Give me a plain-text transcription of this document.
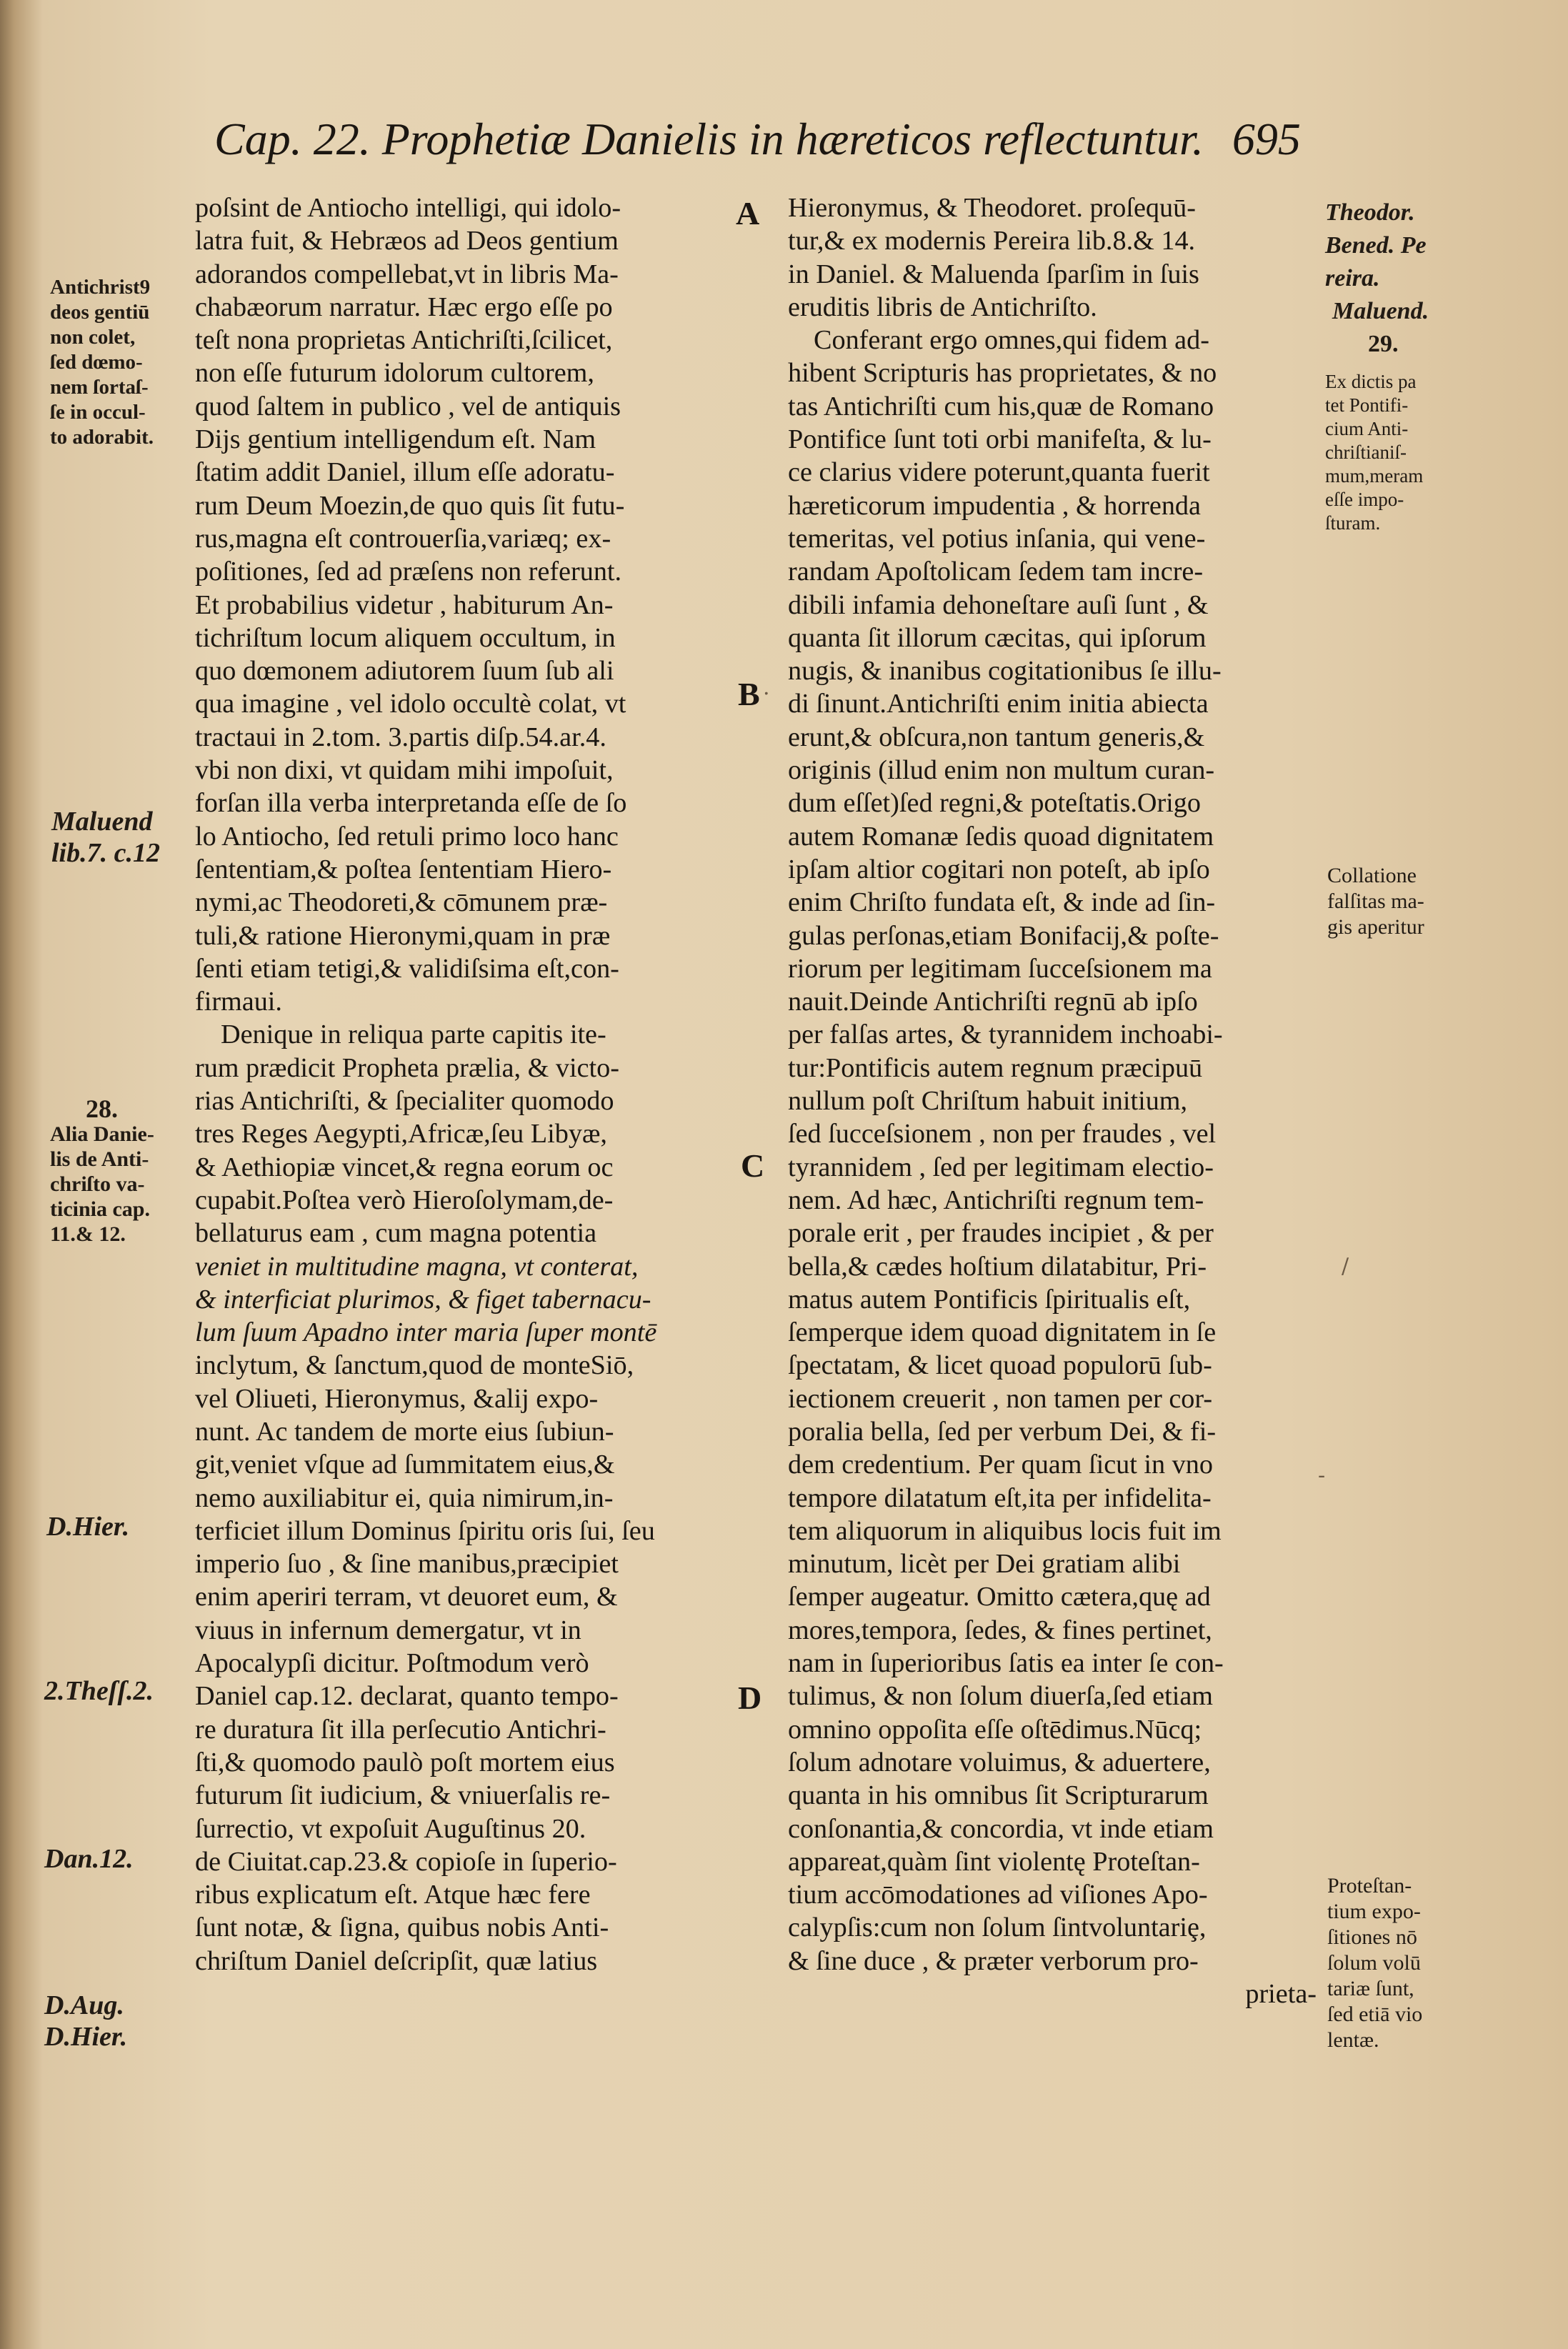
Cap. 22. Prophetiæ Danielis in hæreticos reflectuntur. 695
A
B
C
D
.
/
-
Antichrist9
deos gentiū
non colet,
ſed dœmo-
nem ſortaſ-
ſe in occul-
to adorabit.
Maluend
lib.7. c.12
28.
Alia Danie-
lis de Anti-
chriſto va-
ticinia cap.
11.& 12.
D.Hier.
2.Theſſ.2.
Dan.12.
D.Aug.
D.Hier.
Theodor.
Bened. Pe
reira.
Maluend.
29.
Ex dictis pa
tet Pontifi-
cium Anti-
chriſtianiſ-
mum,meram
eſſe impo-
ſturam.
Collatione
falſitas ma-
gis aperitur
Proteſtan-
tium expo-
ſitiones nō
ſolum volū
tariæ ſunt,
ſed etiā vio
lentæ.
poſsint de Antiocho intelligi, qui idolo-
latra fuit, & Hebræos ad Deos gentium
adorandos compellebat,vt in libris Ma-
chabæorum narratur. Hæc ergo eſſe po
teſt nona proprietas Antichriſti,ſcilicet,
non eſſe futurum idolorum cultorem,
quod ſaltem in publico , vel de antiquis
Dijs gentium intelligendum eſt. Nam
ſtatim addit Daniel, illum eſſe adoratu-
rum Deum Moezin,de quo quis ſit futu-
rus,magna eſt controuerſia,variæq; ex-
poſitiones, ſed ad præſens non referunt.
Et probabilius videtur , habiturum An-
tichriſtum locum aliquem occultum, in
quo dœmonem adiutorem ſuum ſub ali
qua imagine , vel idolo occultè colat, vt
tractaui in 2.tom. 3.partis diſp.54.ar.4.
vbi non dixi, vt quidam mihi impoſuit,
forſan illa verba interpretanda eſſe de ſo
lo Antiocho, ſed retuli primo loco hanc
ſententiam,& poſtea ſententiam Hiero-
nymi,ac Theodoreti,& cōmunem præ-
tuli,& ratione Hieronymi,quam in præ
ſenti etiam tetigi,& validiſsima eſt,con-
firmaui.
Denique in reliqua parte capitis ite-
rum prædicit Propheta prælia, & victo-
rias Antichriſti, & ſpecialiter quomodo
tres Reges Aegypti,Africæ,ſeu Libyæ,
& Aethiopiæ vincet,& regna eorum oc
cupabit.Poſtea verò Hieroſolymam,de-
bellaturus eam , cum magna potentia
veniet in multitudine magna, vt conterat,
& interficiat plurimos, & figet tabernacu-
lum ſuum Apadno inter maria ſuper montē
inclytum, & ſanctum,quod de monteSiō,
vel Olіueti, Hieronymus, &alij expo-
nunt. Ac tandem de morte eius ſubiun-
git,veniet vſque ad ſummitatem eius,&
nemo auxiliabitur ei, quia nimirum,in-
terficiet illum Dominus ſpiritu oris ſui, ſeu
imperio ſuo , & ſine manibus,præcipiet
enim aperiri terram, vt deuoret eum, &
viuus in infernum demergatur, vt in
Apocalypſi dicitur. Poſtmodum verò
Daniel cap.12. declarat, quanto tempo-
re duratura ſit illa perſecutio Antichri-
ſti,& quomodo paulò poſt mortem eius
futurum ſit iudicium, & vniuerſalis re-
ſurrectio, vt expoſuit Auguſtinus 20.
de Ciuitat.cap.23.& copioſe in ſuperio-
ribus explicatum eſt. Atque hæc fere
ſunt notæ, & ſigna, quibus nobis Anti-
chriſtum Daniel deſcripſit, quæ latius
Hieronymus, & Theodoret. proſequū-
tur,& ex modernis Pereira lib.8.& 14.
in Daniel. & Maluenda ſparſim in ſuis
eruditis libris de Antichriſto.
Conferant ergo omnes,qui fidem ad-
hibent Scripturis has proprietates, & no
tas Antichriſti cum his,quæ de Romano
Pontifice ſunt toti orbi manifeſta, & lu-
ce clarius videre poterunt,quanta fuerit
hæreticorum impudentia , & horrenda
temeritas, vel potius inſania, qui vene-
randam Apoſtolicam ſedem tam incre-
dibili infamia dehoneſtare auſi ſunt , &
quanta ſit illorum cæcitas, qui ipſorum
nugis, & inanibus cogitationibus ſe illu-
di ſinunt.Antichriſti enim initia abiecta
erunt,& obſcura,non tantum generis,&
originis (illud enim non multum curan-
dum eſſet)ſed regni,& poteſtatis.Origo
autem Romanæ ſedis quoad dignitatem
ipſam altior cogitari non poteſt, ab ipſo
enim Chriſto fundata eſt, & inde ad ſin-
gulas perſonas,etiam Bonifacij,& poſte-
riorum per legitimam ſucceſsionem ma
nauit.Deinde Antichriſti regnū ab ipſo
per falſas artes, & tyrannidem inchoabi-
tur:Pontificis autem regnum præcipuū
nullum poſt Chriſtum habuit initium,
ſed ſucceſsionem , non per fraudes , vel
tyrannidem , ſed per legitimam electio-
nem. Ad hæc, Antichriſti regnum tem-
porale erit , per fraudes incipiet , & per
bella,& cædes hoſtium dilatabitur, Pri-
matus autem Pontificis ſpiritualis eſt,
ſemperque idem quoad dignitatem in ſe
ſpectatam, & licet quoad populorū ſub-
iectionem creuerit , non tamen per cor-
poralia bella, ſed per verbum Dei, & fi-
dem credentium. Per quam ſicut in vno
tempore dilatatum eſt,ita per infidelita-
tem aliquorum in aliquibus locis fuit im
minutum, licèt per Dei gratiam alibi
ſemper augeatur. Omitto cætera,quę ad
mores,tempora, ſedes, & fines pertinet,
nam in ſuperioribus ſatis ea inter ſe con-
tulimus, & non ſolum diuerſa,ſed etiam
omnino oppoſita eſſe oſtēdimus.Nūcq;
ſolum adnotare voluimus, & aduertere,
quanta in his omnibus ſit Scripturarum
conſonantia,& concordia, vt inde etiam
appareat,quàm ſint violentę Proteſtan-
tium accōmodationes ad viſiones Apo-
calypſis:cum non ſolum ſintvoluntariȩ,
& ſine duce , & præter verborum pro-
prieta-
